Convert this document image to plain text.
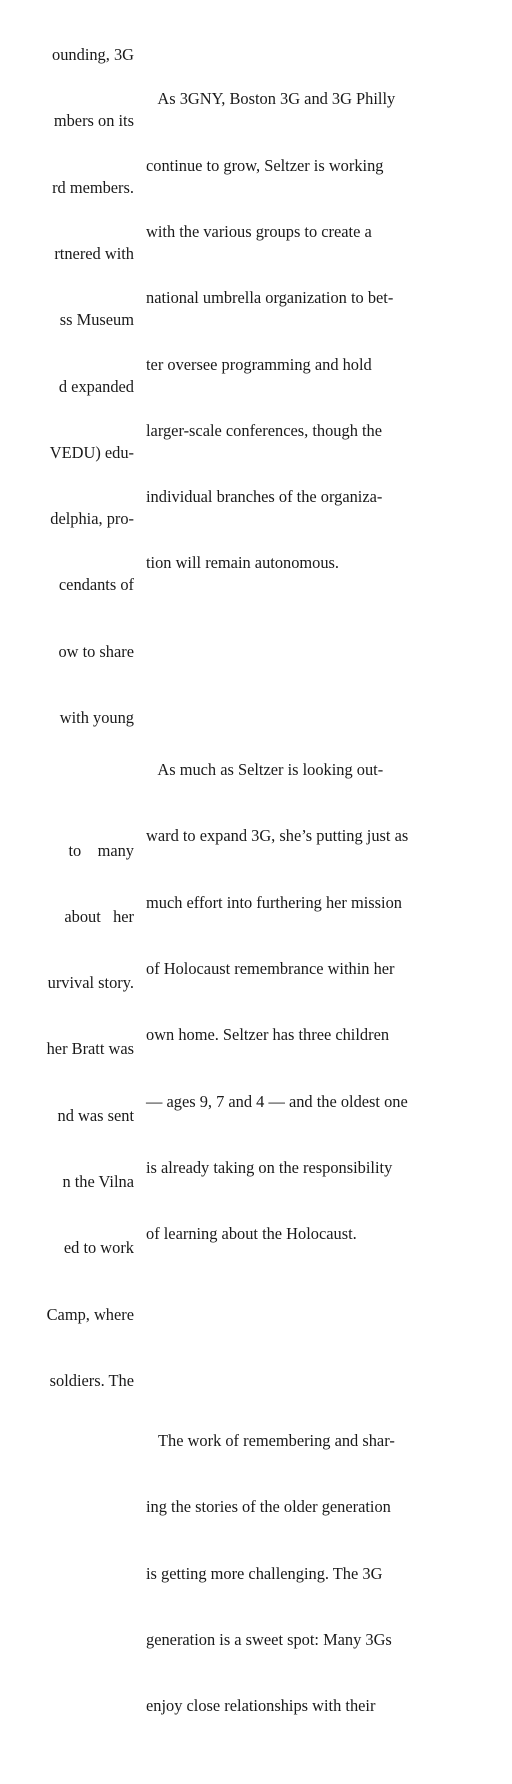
ounding, 3G

mbers on its

rd members.

rtnered with

ss Museum

d expanded

VEDU) edu-

delphia, pro-

cendants of

ow to share

with young

to    many

about   her

urvival story.

her Bratt was

nd was sent

n the Vilna

ed to work

Camp, where

soldiers. The

As 3GNY, Boston 3G and 3G Philly

continue to grow, Seltzer is working

with the various groups to create a

national umbrella organization to bet-

ter oversee programming and hold

larger-scale conferences, though the

individual branches of the organiza-

tion will remain autonomous.

As much as Seltzer is looking out-

ward to expand 3G, she’s putting just as

much effort into furthering her mission

of Holocaust remembrance within her

own home. Seltzer has three children

— ages 9, 7 and 4 — and the oldest one

is already taking on the responsibility

of learning about the Holocaust.

The work of remembering and shar-

ing the stories of the older generation

is getting more challenging. The 3G

generation is a sweet spot: Many 3Gs

enjoy close relationships with their
